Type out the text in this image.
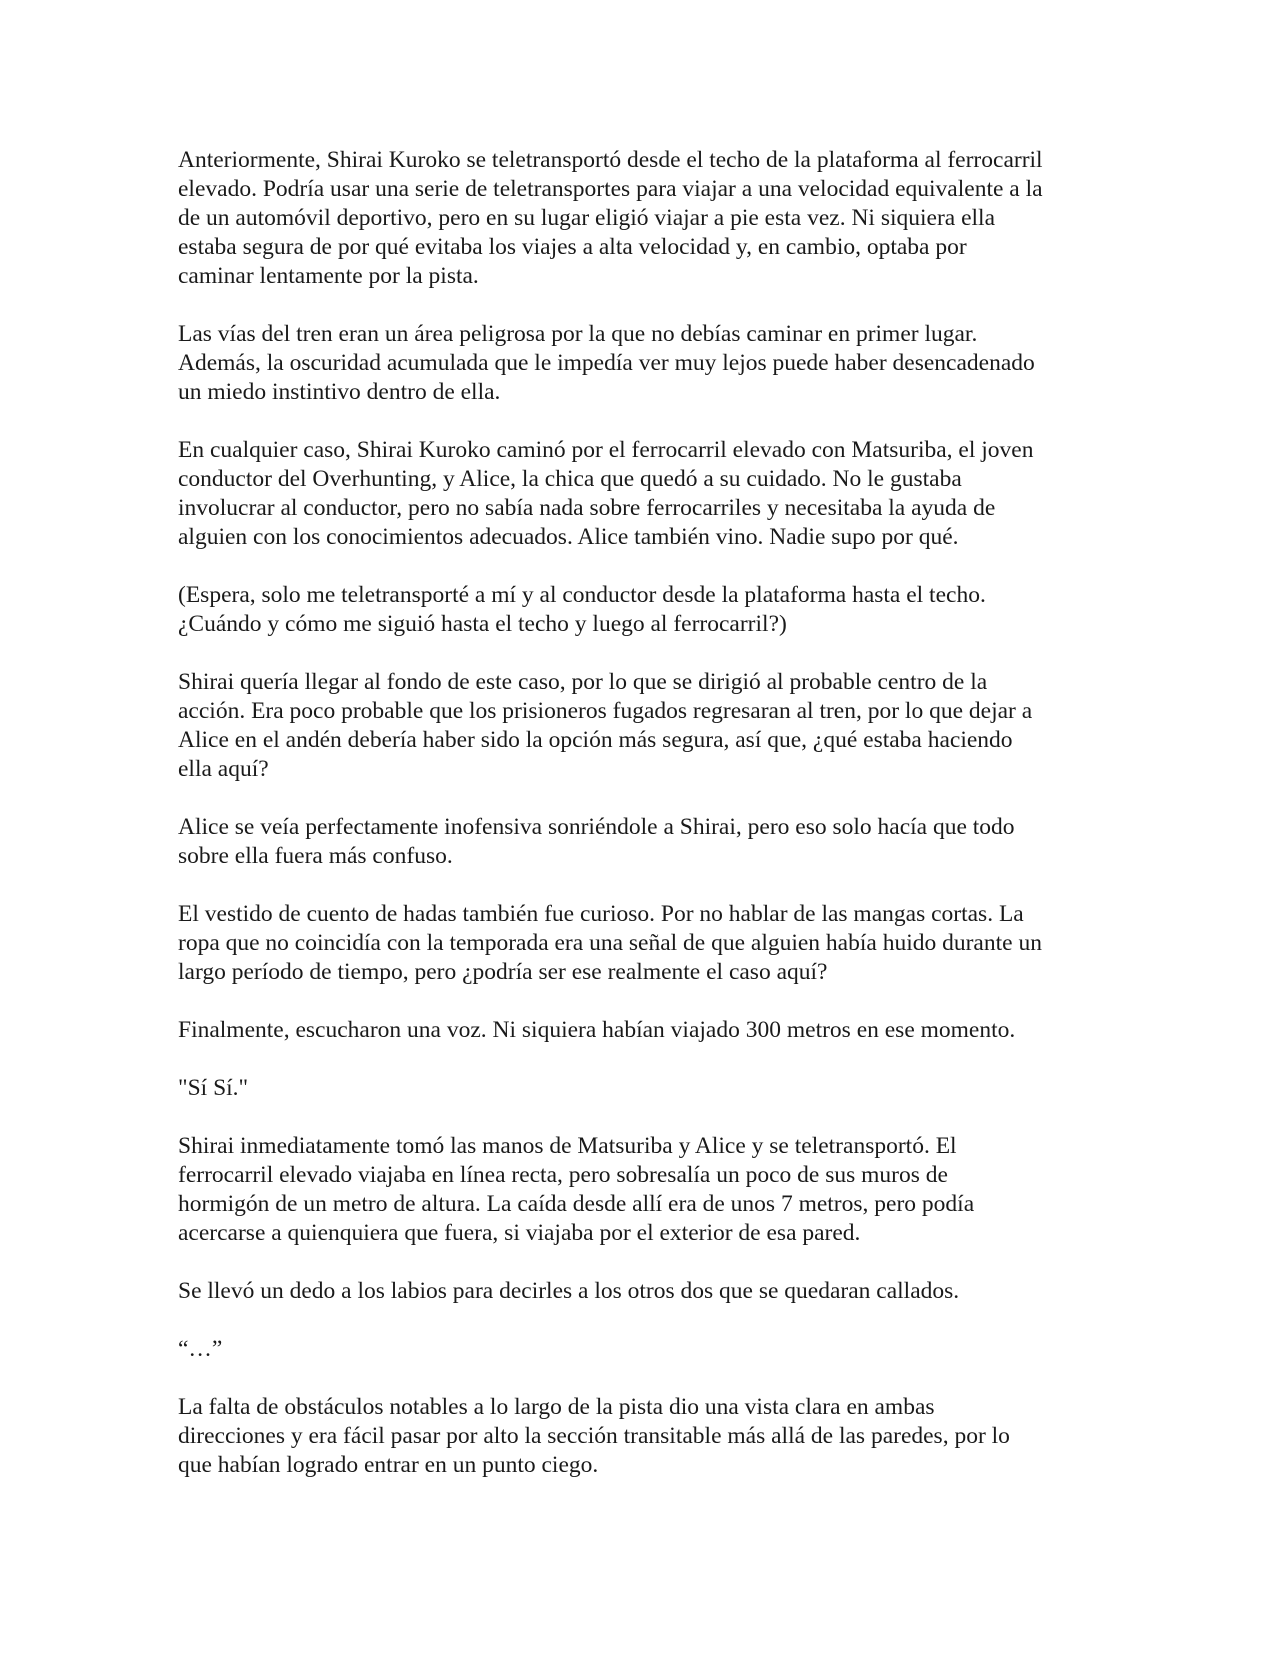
Anteriormente, Shirai Kuroko se teletransportó desde el techo de la plataforma al ferrocarril
elevado. Podría usar una serie de teletransportes para viajar a una velocidad equivalente a la
de un automóvil deportivo, pero en su lugar eligió viajar a pie esta vez. Ni siquiera ella
estaba segura de por qué evitaba los viajes a alta velocidad y, en cambio, optaba por
caminar lentamente por la pista.

Las vías del tren eran un área peligrosa por la que no debías caminar en primer lugar.
Además, la oscuridad acumulada que le impedía ver muy lejos puede haber desencadenado
un miedo instintivo dentro de ella.

En cualquier caso, Shirai Kuroko caminó por el ferrocarril elevado con Matsuriba, el joven
conductor del Overhunting, y Alice, la chica que quedó a su cuidado. No le gustaba
involucrar al conductor, pero no sabía nada sobre ferrocarriles y necesitaba la ayuda de
alguien con los conocimientos adecuados. Alice también vino. Nadie supo por qué.

(Espera, solo me teletransporté a mí y al conductor desde la plataforma hasta el techo.
¿Cuándo y cómo me siguió hasta el techo y luego al ferrocarril?)

Shirai quería llegar al fondo de este caso, por lo que se dirigió al probable centro de la
acción. Era poco probable que los prisioneros fugados regresaran al tren, por lo que dejar a
Alice en el andén debería haber sido la opción más segura, así que, ¿qué estaba haciendo
ella aquí?

Alice se veía perfectamente inofensiva sonriéndole a Shirai, pero eso solo hacía que todo
sobre ella fuera más confuso.

El vestido de cuento de hadas también fue curioso. Por no hablar de las mangas cortas. La
ropa que no coincidía con la temporada era una señal de que alguien había huido durante un
largo período de tiempo, pero ¿podría ser ese realmente el caso aquí?

Finalmente, escucharon una voz. Ni siquiera habían viajado 300 metros en ese momento.

"Sí Sí."

Shirai inmediatamente tomó las manos de Matsuriba y Alice y se teletransportó. El
ferrocarril elevado viajaba en línea recta, pero sobresalía un poco de sus muros de
hormigón de un metro de altura. La caída desde allí era de unos 7 metros, pero podía
acercarse a quienquiera que fuera, si viajaba por el exterior de esa pared.

Se llevó un dedo a los labios para decirles a los otros dos que se quedaran callados.

“…”

La falta de obstáculos notables a lo largo de la pista dio una vista clara en ambas
direcciones y era fácil pasar por alto la sección transitable más allá de las paredes, por lo
que habían logrado entrar en un punto ciego.
